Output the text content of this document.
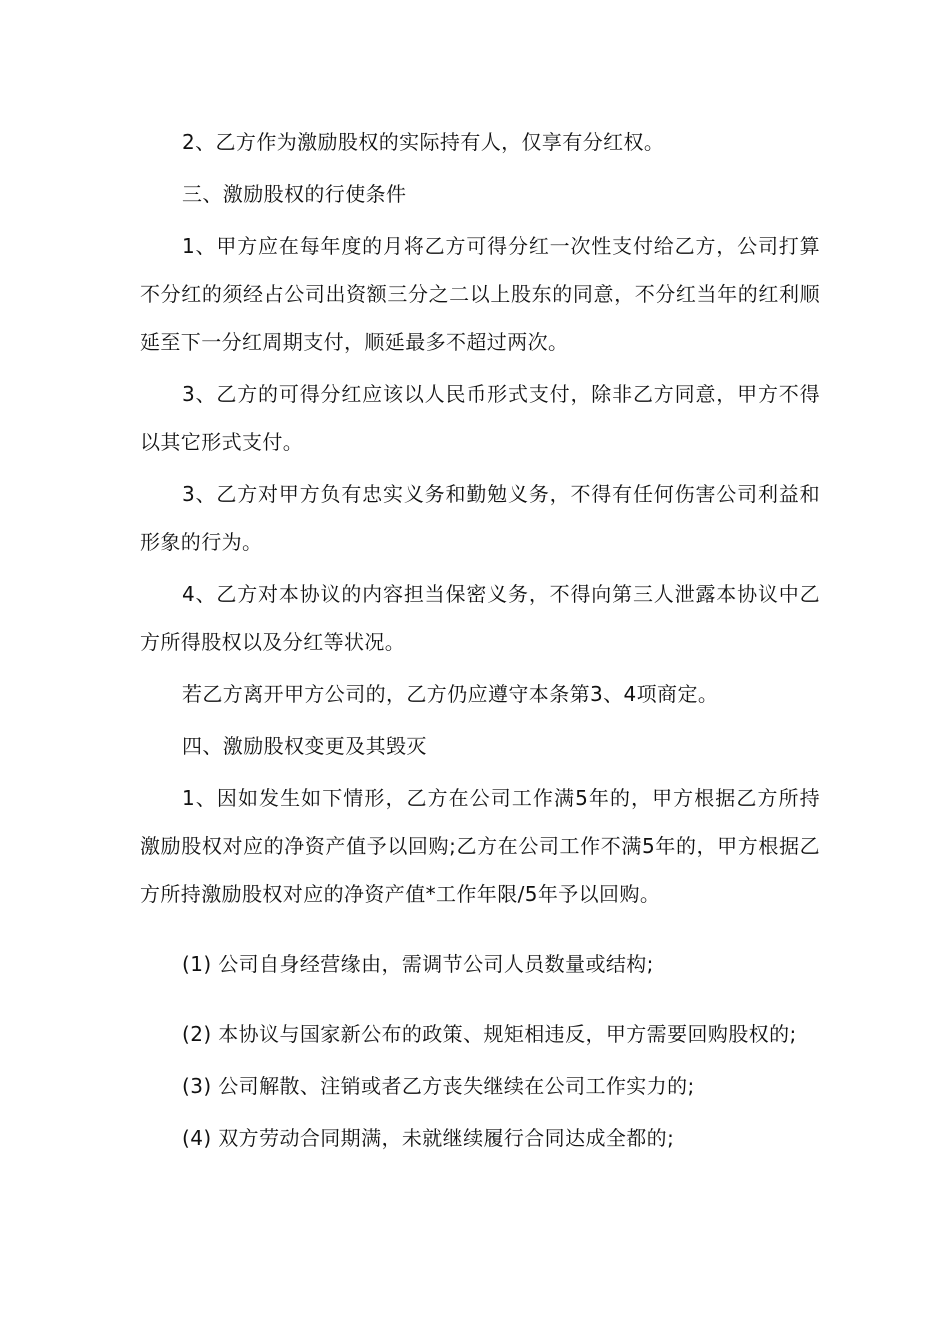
2、乙方作为激励股权的实际持有人，仅享有分红权。

三、激励股权的行使条件

1、甲方应在每年度的月将乙方可得分红一次性支付给乙方，公司打算不分红的须经占公司出资额三分之二以上股东的同意，不分红当年的红利顺延至下一分红周期支付，顺延最多不超过两次。

3、乙方的可得分红应该以人民币形式支付，除非乙方同意，甲方不得以其它形式支付。

3、乙方对甲方负有忠实义务和勤勉义务，不得有任何伤害公司利益和形象的行为。

4、乙方对本协议的内容担当保密义务，不得向第三人泄露本协议中乙方所得股权以及分红等状况。

若乙方离开甲方公司的，乙方仍应遵守本条第3、4项商定。

四、激励股权变更及其毁灭

1、因如发生如下情形，乙方在公司工作满5年的，甲方根据乙方所持激励股权对应的净资产值予以回购;乙方在公司工作不满5年的，甲方根据乙方所持激励股权对应的净资产值*工作年限/5年予以回购。

(1) 公司自身经营缘由，需调节公司人员数量或结构;

(2) 本协议与国家新公布的政策、规矩相违反，甲方需要回购股权的;

(3) 公司解散、注销或者乙方丧失继续在公司工作实力的;

(4) 双方劳动合同期满，未就继续履行合同达成全都的;
